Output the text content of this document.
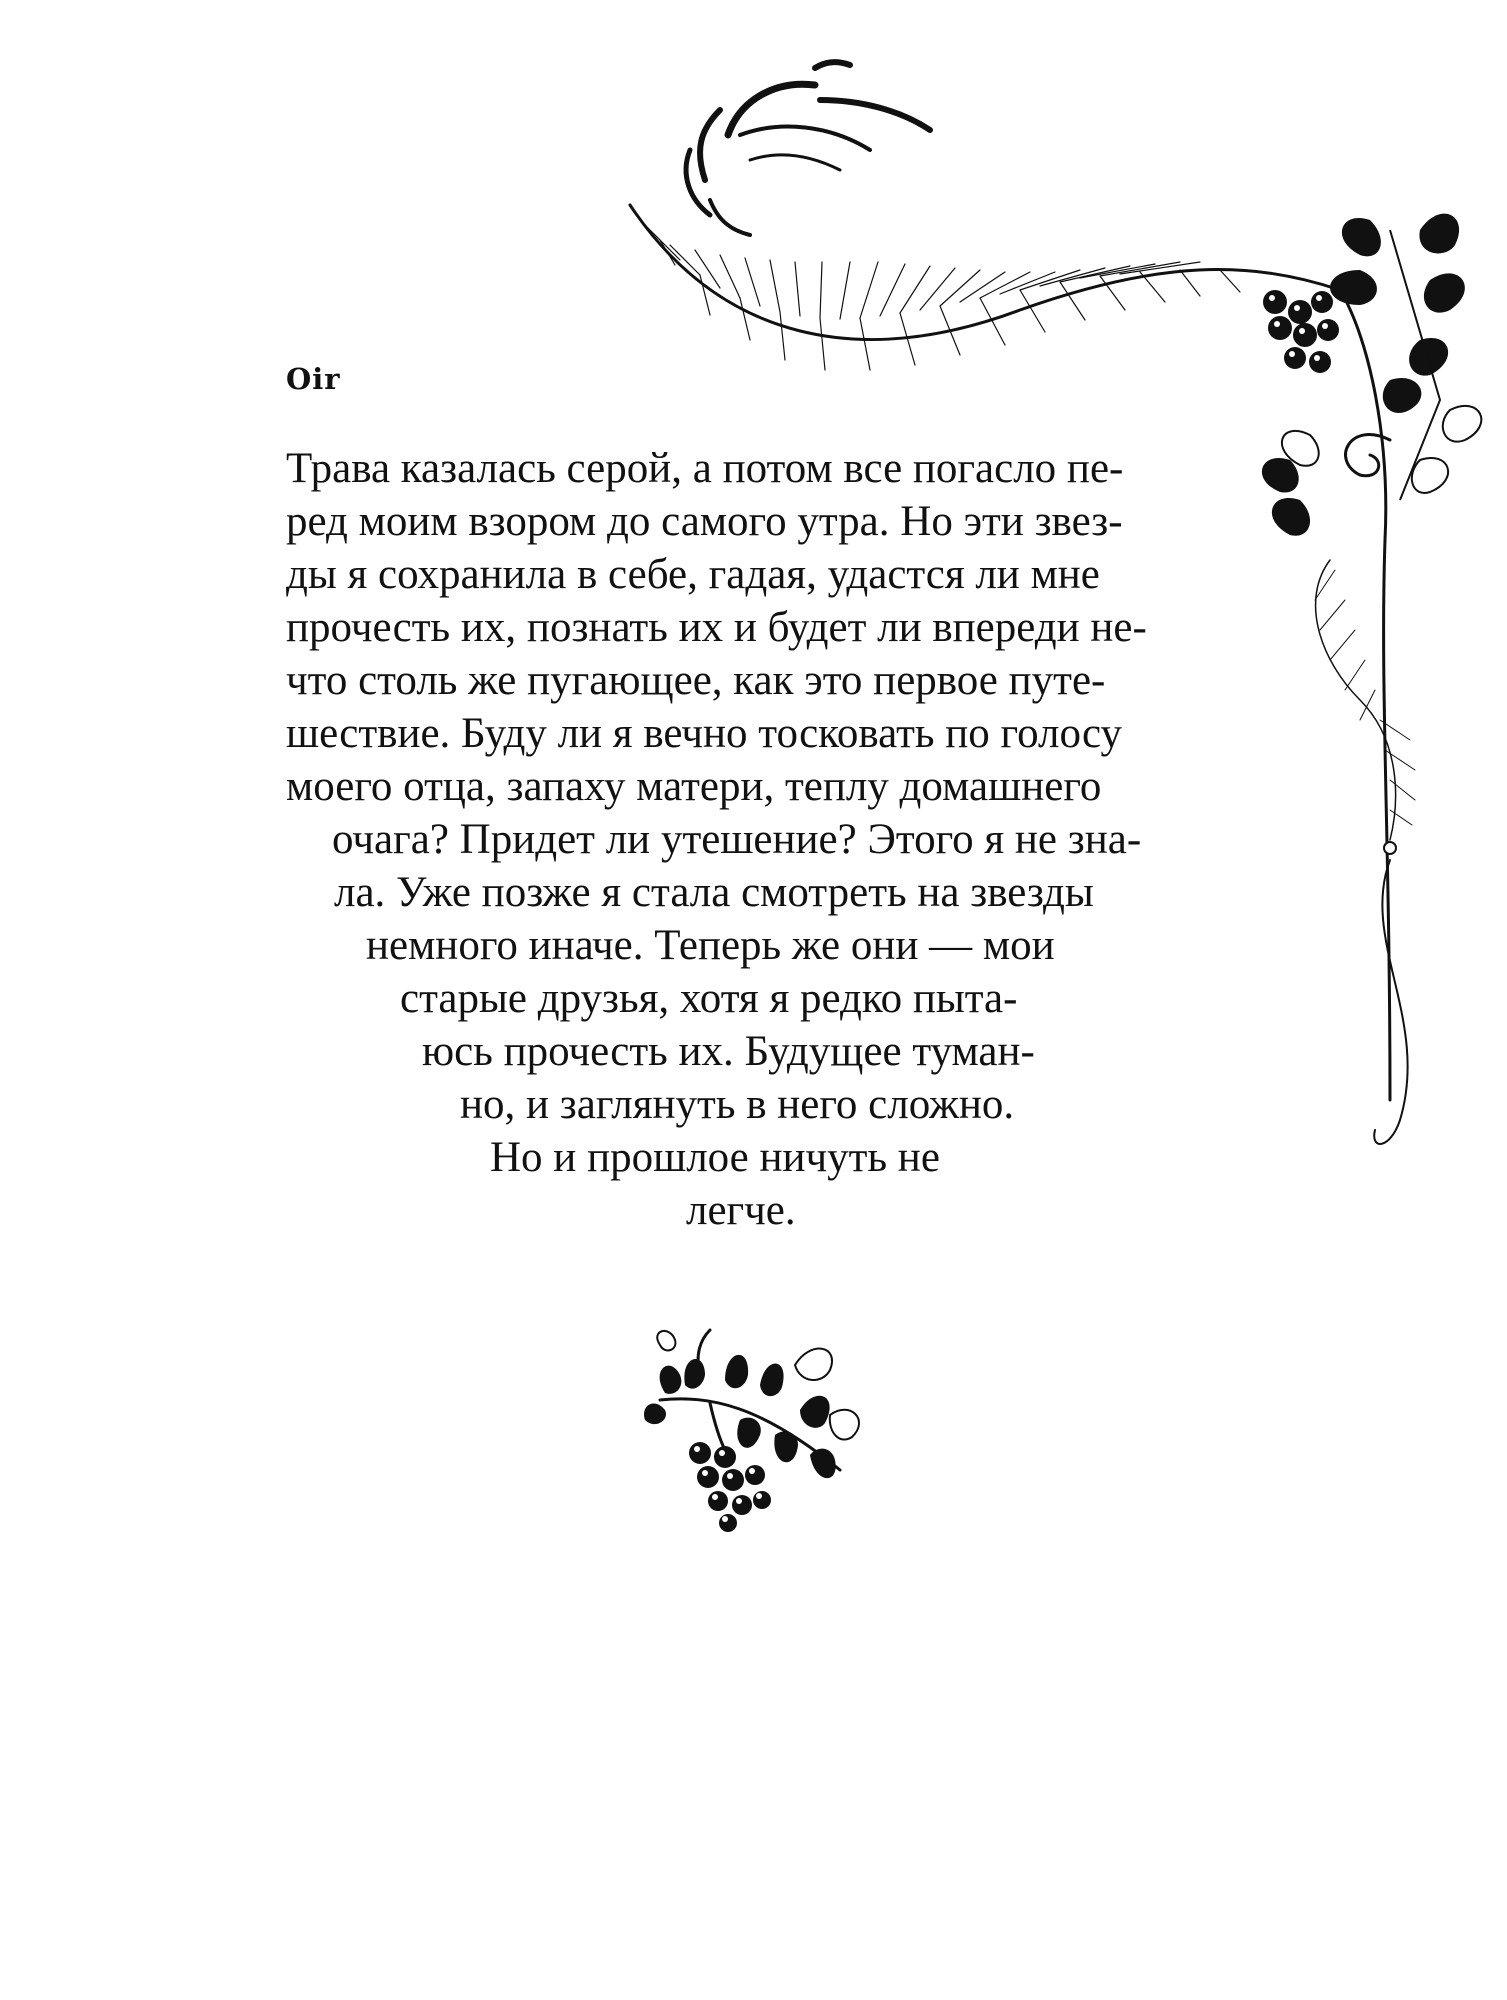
Oir
Трава казалась серой, а потом все погасло пе-
ред моим взором до самого утра. Но эти звез-
ды я сохранила в себе, гадая, удастся ли мне
прочесть их, познать их и будет ли впереди не-
что столь же пугающее, как это первое путе-
шествие. Буду ли я вечно тосковать по голосу
моего отца, запаху матери, теплу домашнего
очага? Придет ли утешение? Этого я не зна-
ла. Уже позже я стала смотреть на звезды
немного иначе. Теперь же они — мои
старые друзья, хотя я редко пыта-
юсь прочесть их. Будущее туман-
но, и заглянуть в него сложно.
Но и прошлое ничуть не
легче.
